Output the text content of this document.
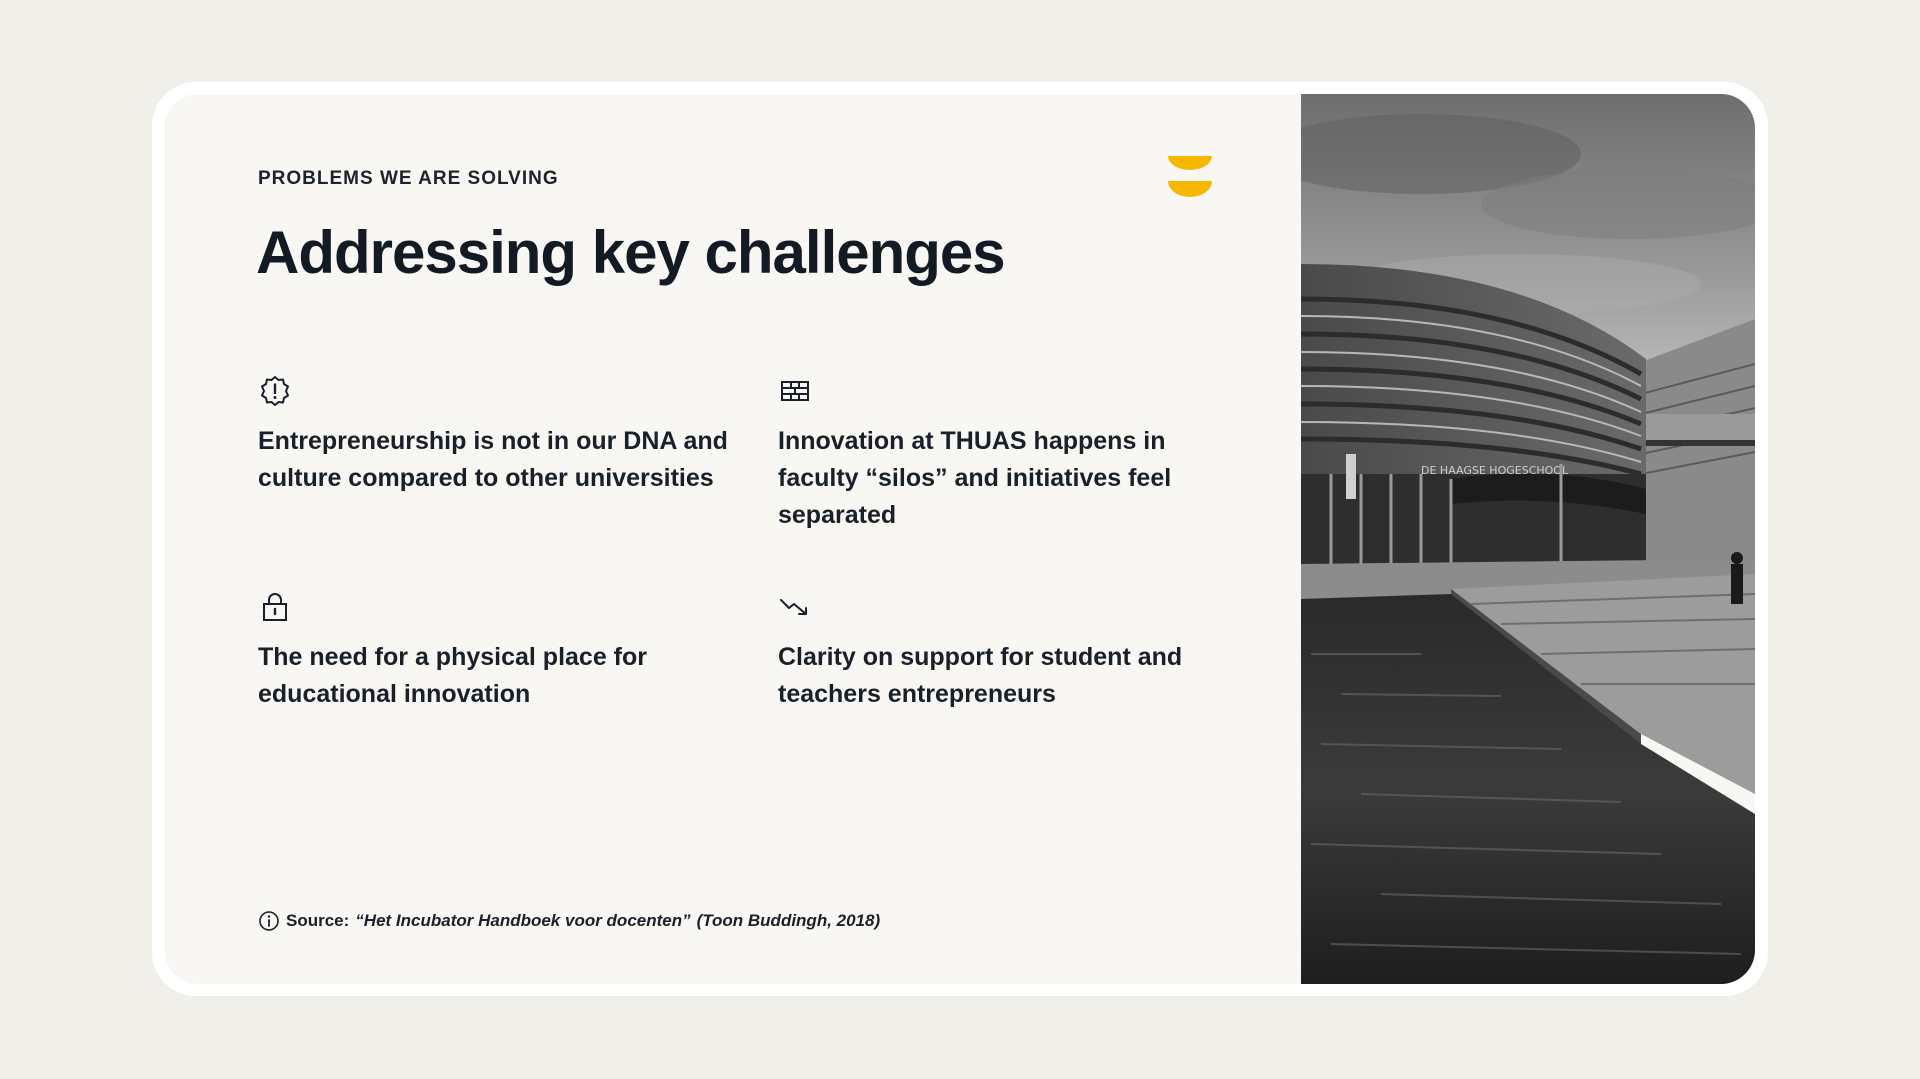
PROBLEMS WE ARE SOLVING
Addressing key challenges
Entrepreneurship is not in our DNA and culture compared to other universities
Innovation at THUAS happens in faculty “silos” and initiatives feel separated
The need for a physical place for educational innovation
Clarity on support for student and teachers entrepreneurs
Source: “Het Incubator Handboek voor docenten” (Toon Buddingh, 2018)
DE HAAGSE HOGESCHOOL
